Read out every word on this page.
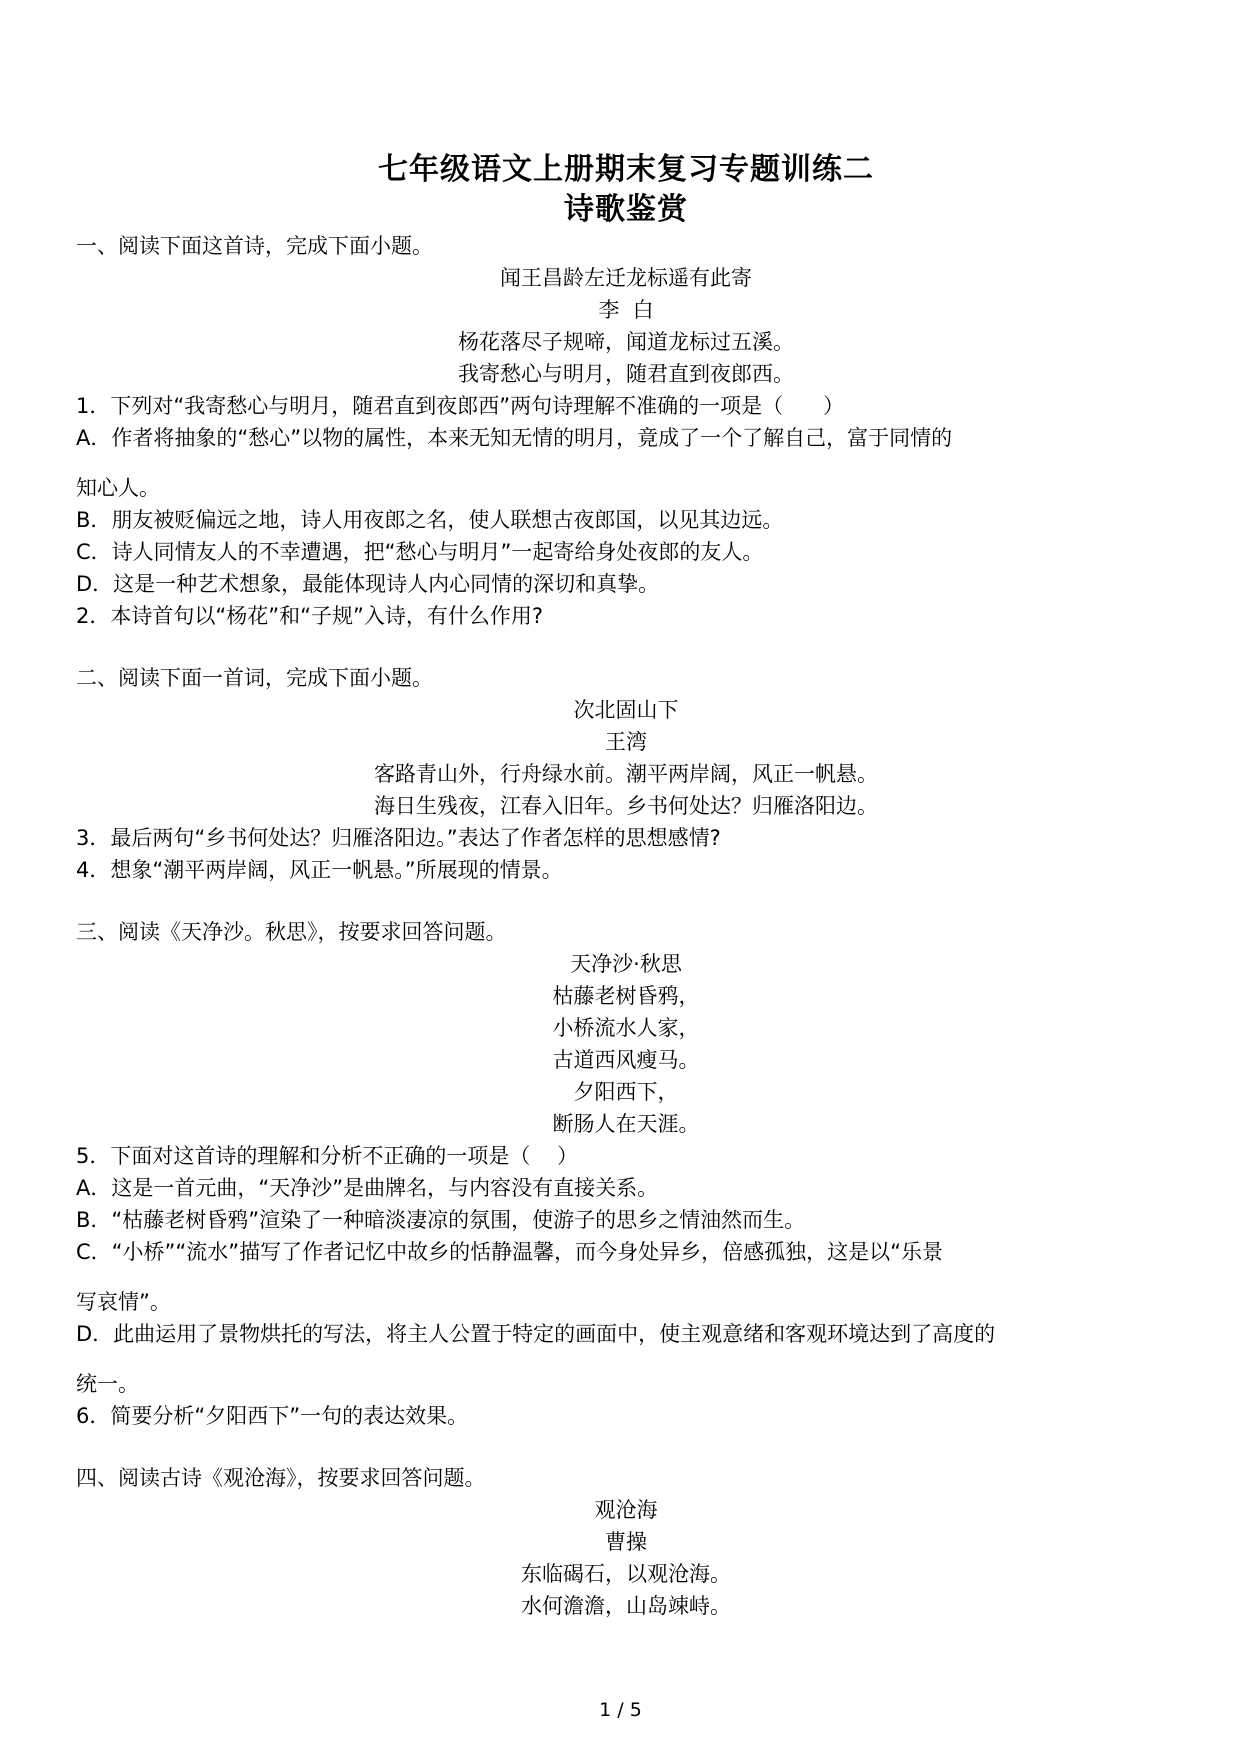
七年级语文上册期末复习专题训练二
诗歌鉴赏
一、阅读下面这首诗，完成下面小题。
闻王昌龄左迁龙标遥有此寄
李  白
杨花落尽子规啼，闻道龙标过五溪。
我寄愁心与明月，随君直到夜郎西。
1．下列对“我寄愁心与明月，随君直到夜郎西”两句诗理解不准确的一项是（      ）
A．作者将抽象的“愁心”以物的属性，本来无知无情的明月，竟成了一个了解自己，富于同情的
知心人。
B．朋友被贬偏远之地，诗人用夜郎之名，使人联想古夜郎国，以见其边远。
C．诗人同情友人的不幸遭遇，把“愁心与明月”一起寄给身处夜郎的友人。
D．这是一种艺术想象，最能体现诗人内心同情的深切和真挚。
2．本诗首句以“杨花”和“子规”入诗，有什么作用?
二、阅读下面一首词，完成下面小题。
次北固山下
王湾
客路青山外，行舟绿水前。潮平两岸阔，风正一帆悬。
海日生残夜，江春入旧年。乡书何处达？归雁洛阳边。
3．最后两句“乡书何处达？归雁洛阳边。”表达了作者怎样的思想感情?
4．想象“潮平两岸阔，风正一帆悬。”所展现的情景。
三、阅读《天净沙。秋思》，按要求回答问题。
天净沙·秋思
枯藤老树昏鸦，
小桥流水人家，
古道西风瘦马。
夕阳西下，
断肠人在天涯。
5．下面对这首诗的理解和分析不正确的一项是（    ）
A．这是一首元曲，“天净沙”是曲牌名，与内容没有直接关系。
B．“枯藤老树昏鸦”渲染了一种暗淡凄凉的氛围，使游子的思乡之情油然而生。
C．“小桥”“流水”描写了作者记忆中故乡的恬静温馨，而今身处异乡，倍感孤独，这是以“乐景
写哀情”。
D．此曲运用了景物烘托的写法，将主人公置于特定的画面中，使主观意绪和客观环境达到了高度的
统一。
6．简要分析“夕阳西下”一句的表达效果。
四、阅读古诗《观沧海》，按要求回答问题。
观沧海
曹操
东临碣石，以观沧海。
水何澹澹，山岛竦峙。
1 / 5
